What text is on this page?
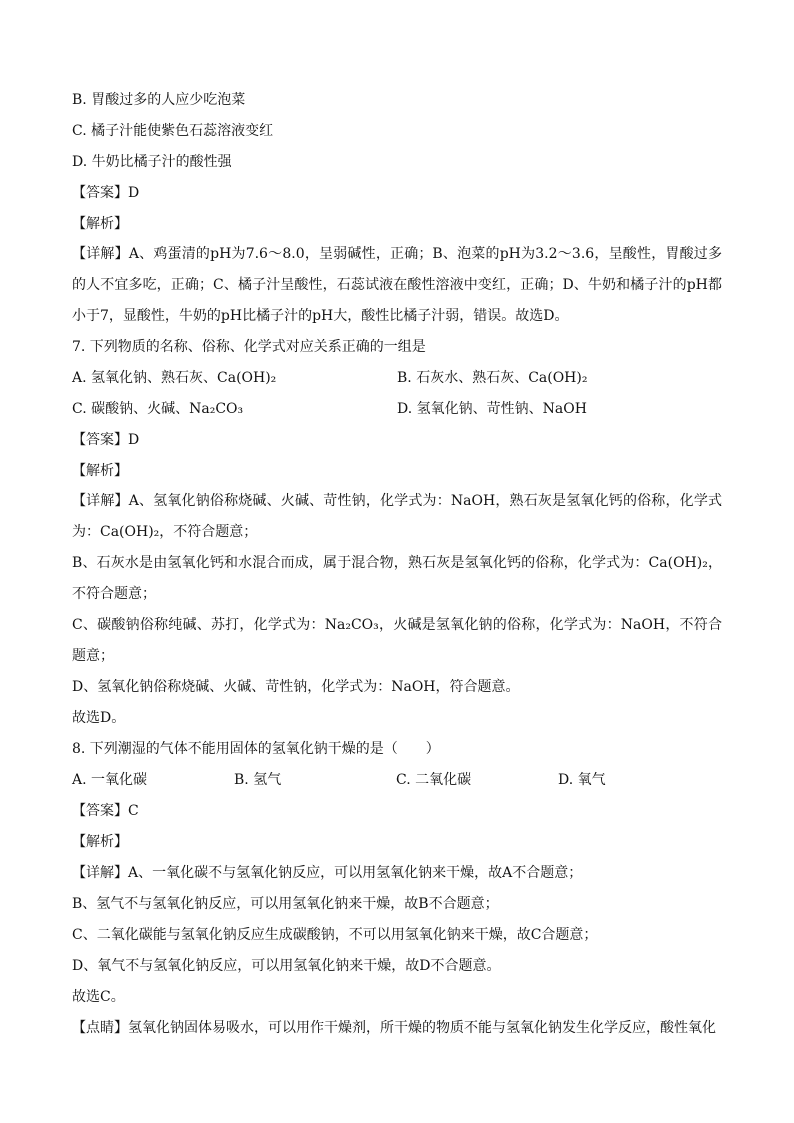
B. 胃酸过多的人应少吃泡菜
C. 橘子汁能使紫色石蕊溶液变红
D. 牛奶比橘子汁的酸性强
【答案】D
【解析】
【详解】A、鸡蛋清的pH为7.6～8.0，呈弱碱性，正确；B、泡菜的pH为3.2～3.6，呈酸性，胃酸过多的人不宜多吃，正确；C、橘子汁呈酸性，石蕊试液在酸性溶液中变红，正确；D、牛奶和橘子汁的pH都小于7，显酸性，牛奶的pH比橘子汁的pH大，酸性比橘子汁弱，错误。故选D。
7. 下列物质的名称、俗称、化学式对应关系正确的一组是
A. 氢氧化钠、熟石灰、Ca(OH)₂	B. 石灰水、熟石灰、Ca(OH)₂
C. 碳酸钠、火碱、Na₂CO₃	D. 氢氧化钠、苛性钠、NaOH
【答案】D
【解析】
【详解】A、氢氧化钠俗称烧碱、火碱、苛性钠，化学式为：NaOH，熟石灰是氢氧化钙的俗称，化学式为：Ca(OH)₂，不符合题意；
B、石灰水是由氢氧化钙和水混合而成，属于混合物，熟石灰是氢氧化钙的俗称，化学式为：Ca(OH)₂，不符合题意；
C、碳酸钠俗称纯碱、苏打，化学式为：Na₂CO₃，火碱是氢氧化钠的俗称，化学式为：NaOH，不符合题意；
D、氢氧化钠俗称烧碱、火碱、苛性钠，化学式为：NaOH，符合题意。
故选D。
8. 下列潮湿的气体不能用固体的氢氧化钠干燥的是（　　）
A. 一氧化碳	B. 氢气	C. 二氧化碳	D. 氧气
【答案】C
【解析】
【详解】A、一氧化碳不与氢氧化钠反应，可以用氢氧化钠来干燥，故A不合题意；
B、氢气不与氢氧化钠反应，可以用氢氧化钠来干燥，故B不合题意；
C、二氧化碳能与氢氧化钠反应生成碳酸钠，不可以用氢氧化钠来干燥，故C合题意；
D、氧气不与氢氧化钠反应，可以用氢氧化钠来干燥，故D不合题意。
故选C。
【点睛】氢氧化钠固体易吸水，可以用作干燥剂，所干燥的物质不能与氢氧化钠发生化学反应，酸性氧化
